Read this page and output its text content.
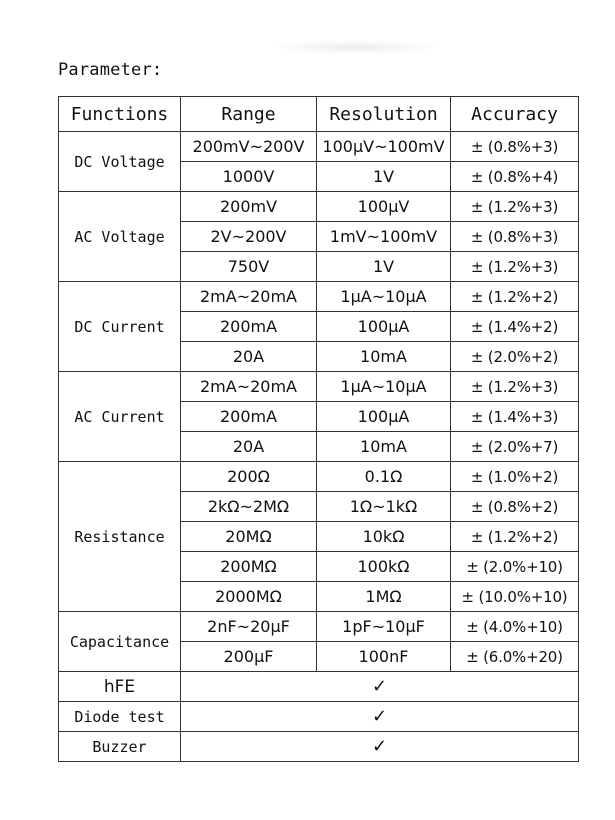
Parameter:
Functions	Range	Resolution	Accuracy
DC Voltage	200mV~200V	100μV~100mV	± (0.8%+3)
	1000V	1V	± (0.8%+4)
AC Voltage	200mV	100μV	± (1.2%+3)
	2V~200V	1mV~100mV	± (0.8%+3)
	750V	1V	± (1.2%+3)
DC Current	2mA~20mA	1μA~10μA	± (1.2%+2)
	200mA	100μA	± (1.4%+2)
	20A	10mA	± (2.0%+2)
AC Current	2mA~20mA	1μA~10μA	± (1.2%+3)
	200mA	100μA	± (1.4%+3)
	20A	10mA	± (2.0%+7)
Resistance	200Ω	0.1Ω	± (1.0%+2)
	2kΩ~2MΩ	1Ω~1kΩ	± (0.8%+2)
	20MΩ	10kΩ	± (1.2%+2)
	200MΩ	100kΩ	± (2.0%+10)
	2000MΩ	1MΩ	± (10.0%+10)
Capacitance	2nF~20μF	1pF~10μF	± (4.0%+10)
	200μF	100nF	± (6.0%+20)
hFE	✓		
Diode test	✓		
Buzzer	✓		
